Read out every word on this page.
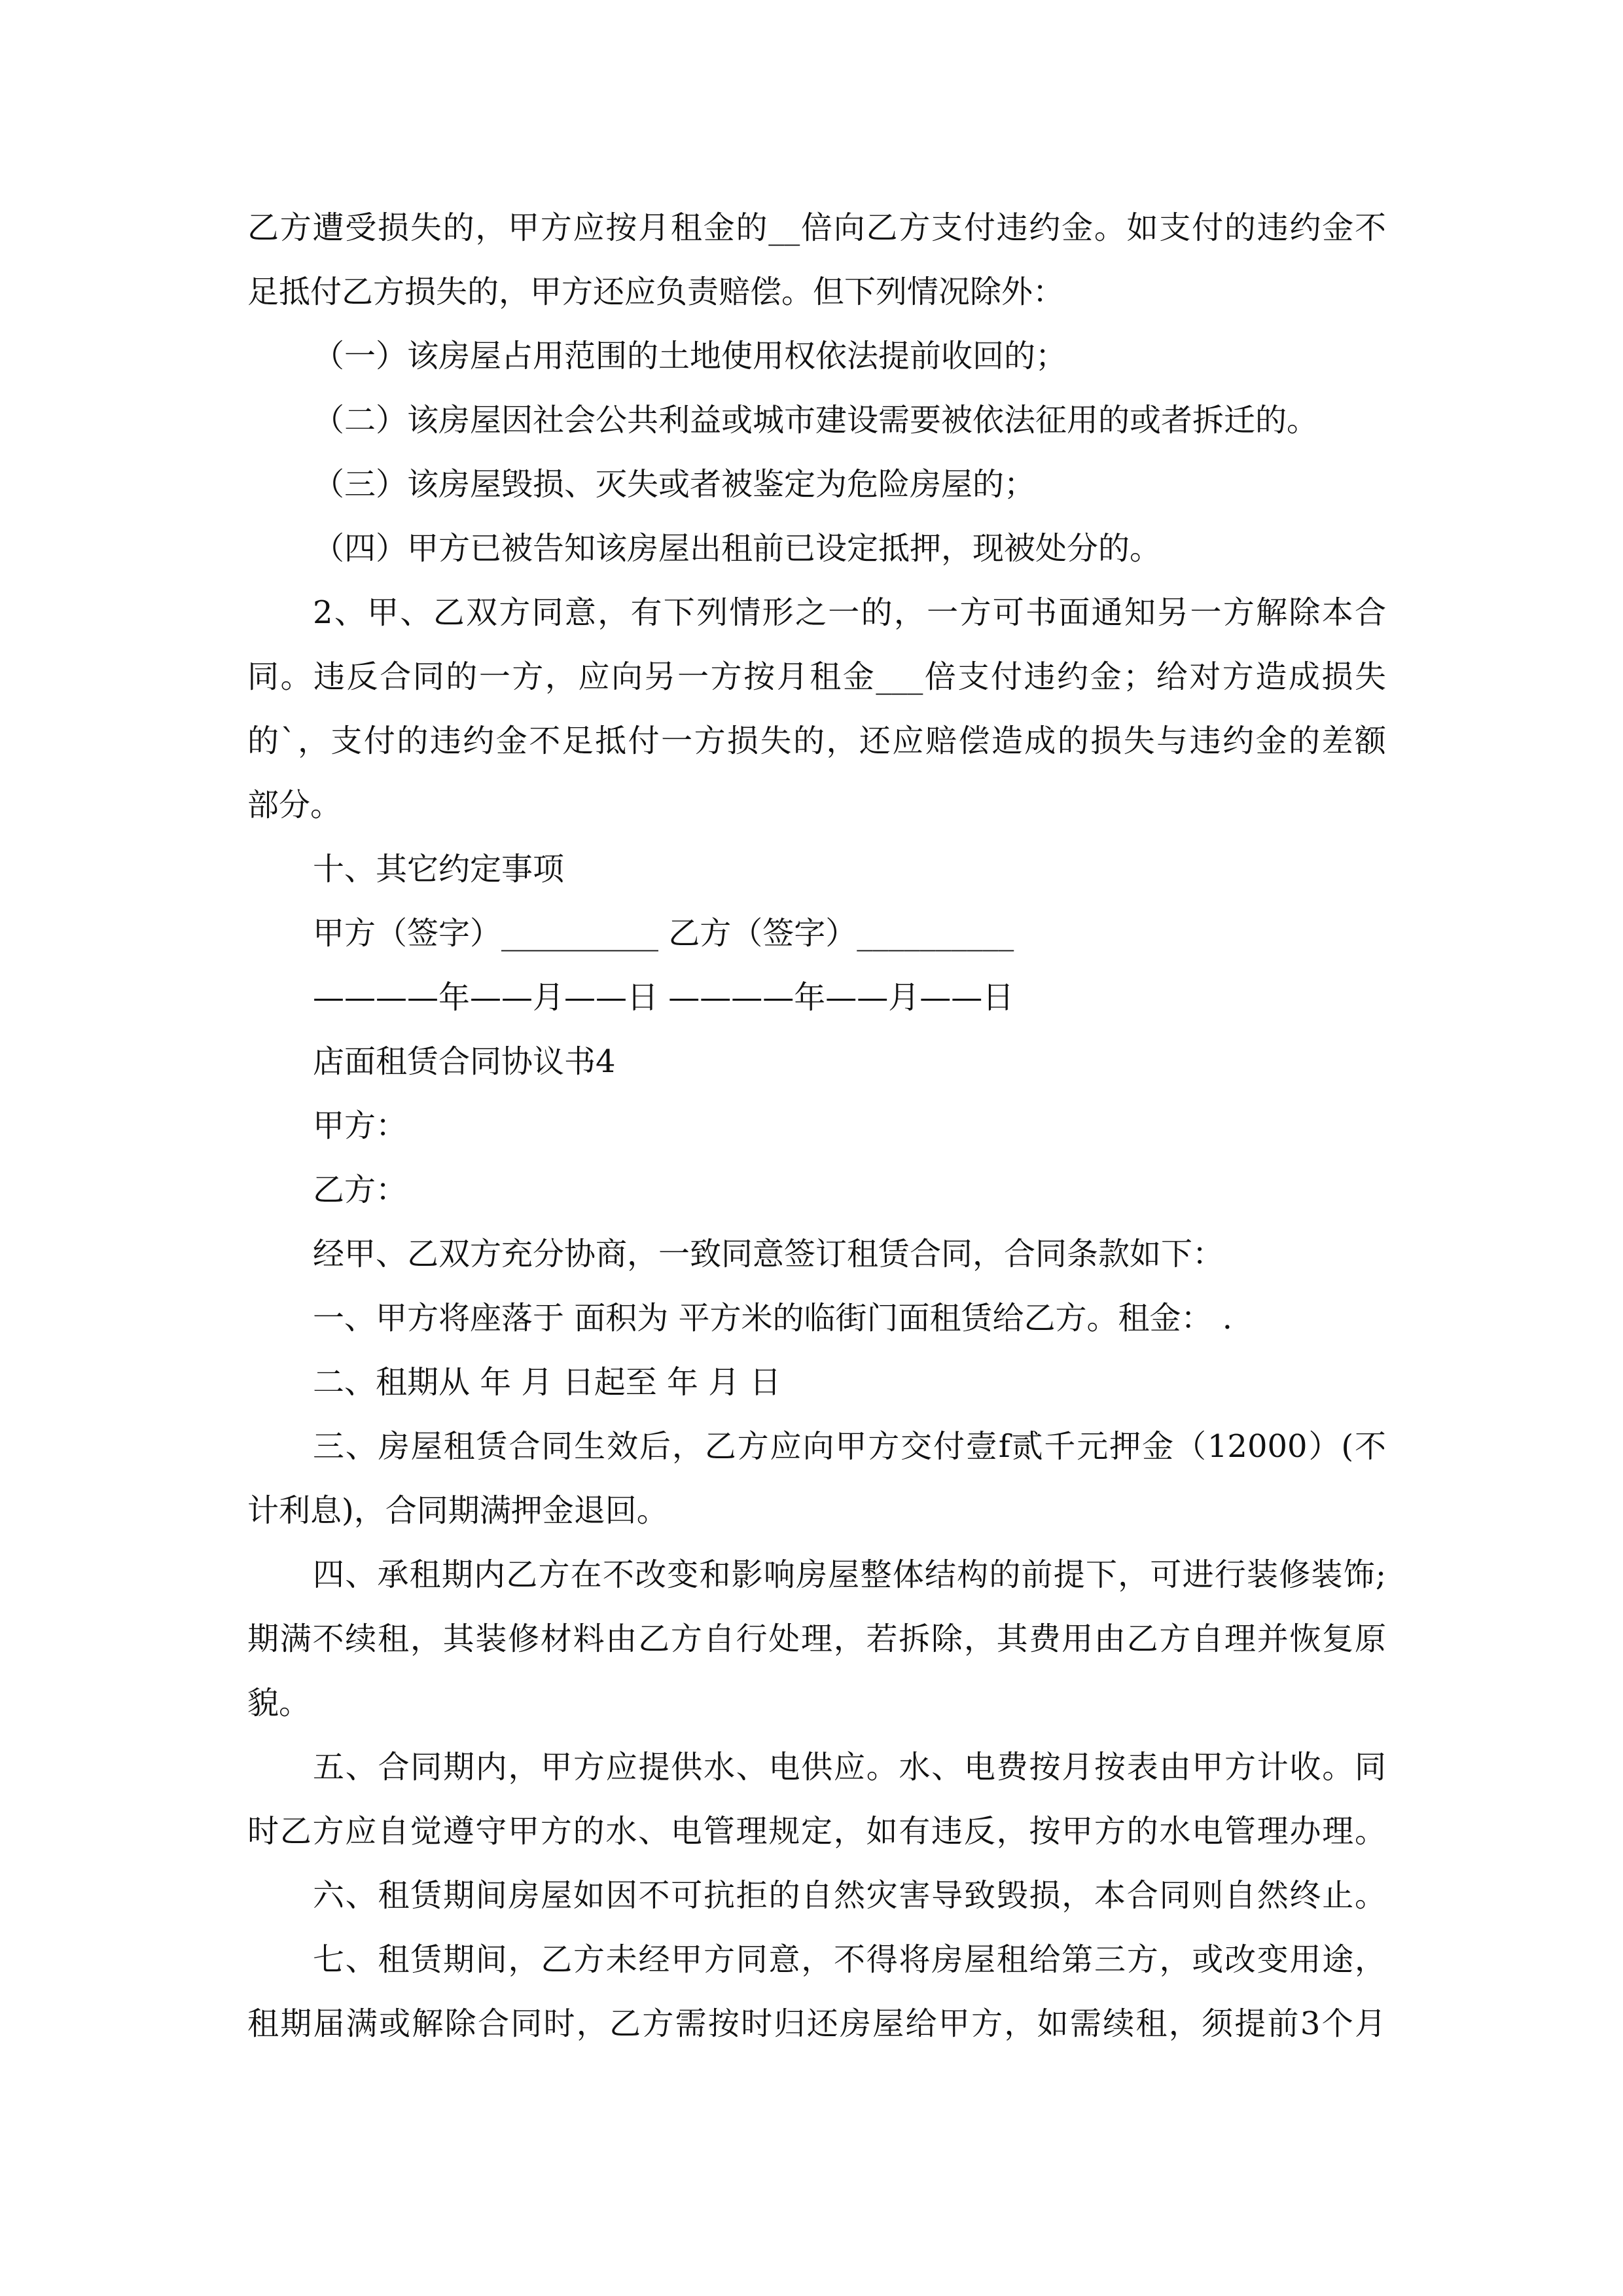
乙方遭受损失的，甲方应按月租金的__倍向乙方支付违约金。如支付的违约金不
足抵付乙方损失的，甲方还应负责赔偿。但下列情况除外：
（一）该房屋占用范围的土地使用权依法提前收回的；
（二）该房屋因社会公共利益或城市建设需要被依法征用的或者拆迁的。
（三）该房屋毁损、灭失或者被鉴定为危险房屋的；
（四）甲方已被告知该房屋出租前已设定抵押，现被处分的。
2、甲、乙双方同意，有下列情形之一的，一方可书面通知另一方解除本合
同。违反合同的一方，应向另一方按月租金___倍支付违约金；给对方造成损失
的`，支付的违约金不足抵付一方损失的，还应赔偿造成的损失与违约金的差额
部分。
十、其它约定事项
甲方（签字）__________ 乙方（签字）__________
————年——月——日 ————年——月——日
店面租赁合同协议书4
甲方：
乙方：
经甲、乙双方充分协商，一致同意签订租赁合同，合同条款如下：
一、甲方将座落于 面积为 平方米的临街门面租赁给乙方。租金： .
二、租期从 年 月 日起至 年 月 日
三、房屋租赁合同生效后，乙方应向甲方交付壹f贰千元押金（12000）(不
计利息)，合同期满押金退回。
四、承租期内乙方在不改变和影响房屋整体结构的前提下，可进行装修装饰;
期满不续租，其装修材料由乙方自行处理，若拆除，其费用由乙方自理并恢复原
貌。
五、合同期内，甲方应提供水、电供应。水、电费按月按表由甲方计收。同
时乙方应自觉遵守甲方的水、电管理规定，如有违反，按甲方的水电管理办理。
六、租赁期间房屋如因不可抗拒的自然灾害导致毁损，本合同则自然终止。
七、租赁期间，乙方未经甲方同意，不得将房屋租给第三方，或改变用途，
租期届满或解除合同时，乙方需按时归还房屋给甲方，如需续租，须提前3个月
